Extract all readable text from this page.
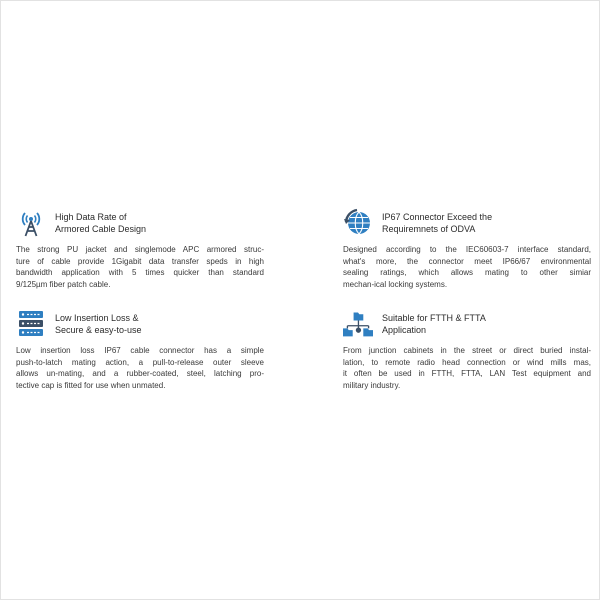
High Data Rate of
Armored Cable Design
The strong PU jacket and singlemode APC armored struc-
ture of cable provide 1Gigabit data transfer speds in high
bandwidth application with 5 times quicker than standard
9/125µm fiber patch cable.
IP67 Connector Exceed the
Requiremnets of ODVA
Designed according to the IEC60603-7 interface standard,
what's more, the connector meet IP66/67 environmental
sealing ratings, which allows mating to other simiar
mechan-ical locking systems.
Low Insertion Loss &
Secure & easy-to-use
Low insertion loss IP67 cable connector has a simple
push-to-latch mating action, a pull-to-release outer sleeve
allows un-mating, and a rubber-coated, steel, latching pro-
tective cap is fitted for use when unmated.
Suitable for FTTH & FTTA
Application
From junction cabinets in the street or direct buried instal-
lation, to remote radio head connection or wind mills mas,
it often be used in FTTH, FTTA, LAN Test equipment and
military industry.
